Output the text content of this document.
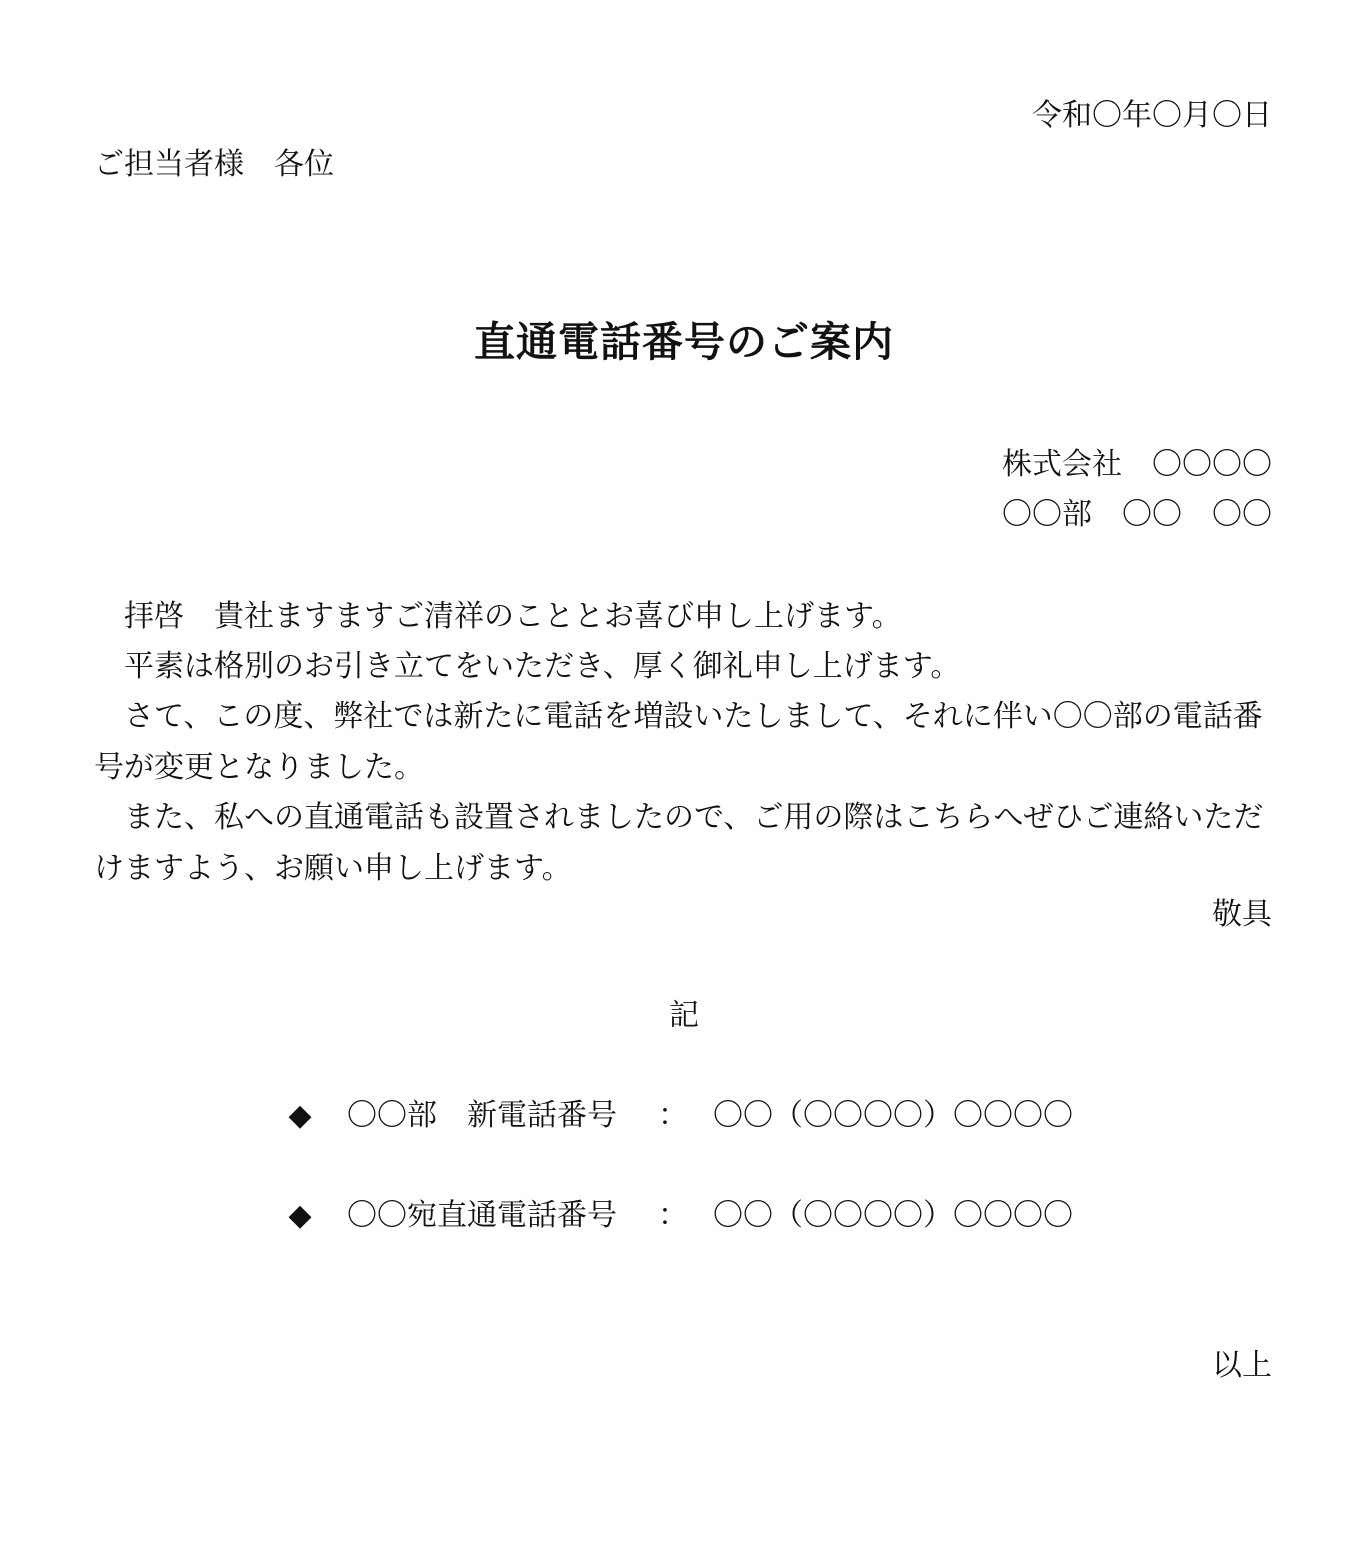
令和〇年〇月〇日
ご担当者様　各位
直通電話番号のご案内
株式会社　〇〇〇〇
〇〇部　〇〇　〇〇
拝啓　貴社ますますご清祥のこととお喜び申し上げます。
平素は格別のお引き立てをいただき、厚く御礼申し上げます。
さて、この度、弊社では新たに電話を増設いたしまして、それに伴い〇〇部の電話番号が変更となりました。
また、私への直通電話も設置されましたので、ご用の際はこちらへぜひご連絡いただけますよう、お願い申し上げます。
敬具
記
◆ 〇〇部　新電話番号 ： 〇〇（〇〇〇〇）〇〇〇〇
◆ 〇〇宛直通電話番号 ： 〇〇（〇〇〇〇）〇〇〇〇
以上
